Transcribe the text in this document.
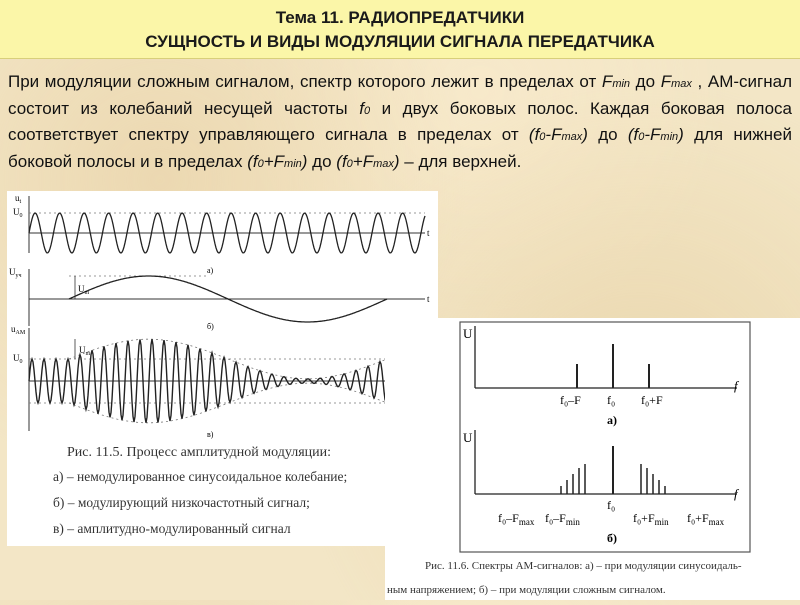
Тема 11. РАДИОПРЕДАТЧИКИ
СУЩНОСТЬ И ВИДЫ МОДУЛЯЦИИ СИГНАЛА ПЕРЕДАТЧИКА
При модуляции сложным сигналом, спектр которого лежит в пределах от Fmin до Fmax , АМ-сигнал состоит из колебаний несущей частоты f0 и двух боковых полос. Каждая боковая полоса соответствует спектру управляющего сигнала в пределах от (f0-Fmax) до (f0-Fmin) для нижней боковой полосы и в пределах (f0+Fmin) до (f0+Fmax) – для верхней.
$u_t$
$U_0$
t
$U_{уч}$
$U_m$
а)
t
$u_{AM}$
$U_0$
$U_m$
б)
в)
Рис. 11.5. Процесс амплитудной модуляции:
а) – немодулированное синусоидальное колебание;
б) – модулирующий низкочастотный сигнал;
в) – амплитудно-модулированный сигнал
U
f
f₀–F f₀ f₀+F
а)
U
f
$f_0-F_{max}$ $f_0-F_{min}$
f₀
$f_0+F_{min}$ $f_0+F_{max}$
б)
Рис. 11.6. Спектры АМ-сигналов: а) – при модуляции синусоидаль-
ным напряжением; б) – при модуляции сложным сигналом.
